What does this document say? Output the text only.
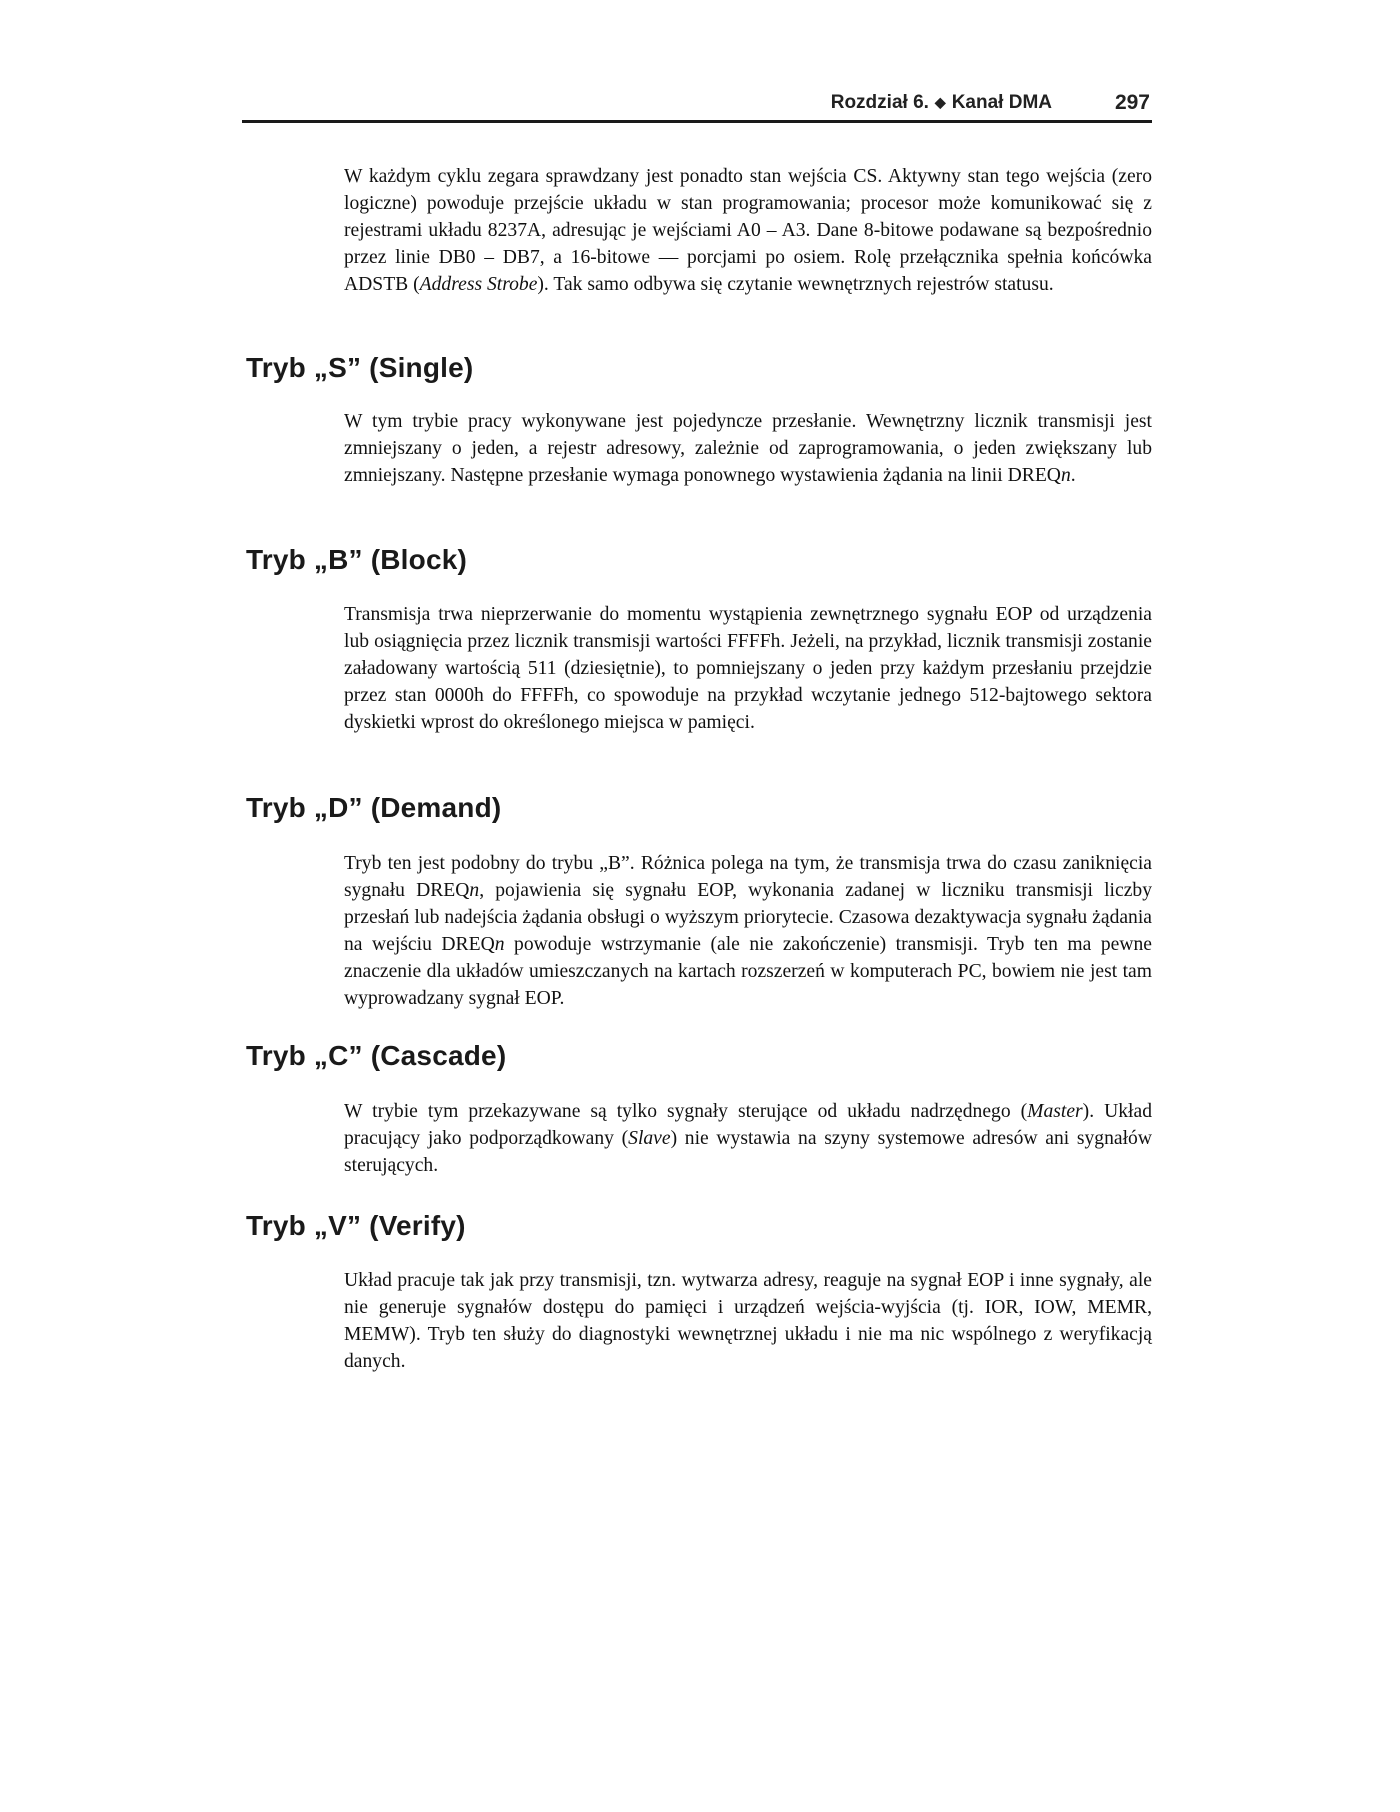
Rozdział 6. ◆ Kanał DMA	297

W każdym cyklu zegara sprawdzany jest ponadto stan wejścia CS. Aktywny stan tego wejścia (zero logiczne) powoduje przejście układu w stan programowania; procesor może komunikować się z rejestrami układu 8237A, adresując je wejściami A0 – A3. Dane 8-bitowe podawane są bezpośrednio przez linie DB0 – DB7, a 16-bitowe — porcjami po osiem. Rolę przełącznika spełnia końcówka ADSTB (Address Strobe). Tak samo odbywa się czytanie wewnętrznych rejestrów statusu.

Tryb „S” (Single)

W tym trybie pracy wykonywane jest pojedyncze przesłanie. Wewnętrzny licznik transmisji jest zmniejszany o jeden, a rejestr adresowy, zależnie od zaprogramowania, o jeden zwiększany lub zmniejszany. Następne przesłanie wymaga ponownego wystawienia żądania na linii DREQn.

Tryb „B” (Block)

Transmisja trwa nieprzerwanie do momentu wystąpienia zewnętrznego sygnału EOP od urządzenia lub osiągnięcia przez licznik transmisji wartości FFFFh. Jeżeli, na przykład, licznik transmisji zostanie załadowany wartością 511 (dziesiętnie), to pomniejszany o jeden przy każdym przesłaniu przejdzie przez stan 0000h do FFFFh, co spowoduje na przykład wczytanie jednego 512-bajtowego sektora dyskietki wprost do określonego miejsca w pamięci.

Tryb „D” (Demand)

Tryb ten jest podobny do trybu „B”. Różnica polega na tym, że transmisja trwa do czasu zaniknięcia sygnału DREQn, pojawienia się sygnału EOP, wykonania zadanej w liczniku transmisji liczby przesłań lub nadejścia żądania obsługi o wyższym priorytecie. Czasowa dezaktywacja sygnału żądania na wejściu DREQn powoduje wstrzymanie (ale nie zakończenie) transmisji. Tryb ten ma pewne znaczenie dla układów umieszczanych na kartach rozszerzeń w komputerach PC, bowiem nie jest tam wyprowadzany sygnał EOP.

Tryb „C” (Cascade)

W trybie tym przekazywane są tylko sygnały sterujące od układu nadrzędnego (Master). Układ pracujący jako podporządkowany (Slave) nie wystawia na szyny systemowe adresów ani sygnałów sterujących.

Tryb „V” (Verify)

Układ pracuje tak jak przy transmisji, tzn. wytwarza adresy, reaguje na sygnał EOP i inne sygnały, ale nie generuje sygnałów dostępu do pamięci i urządzeń wejścia-wyjścia (tj. IOR, IOW, MEMR, MEMW). Tryb ten służy do diagnostyki wewnętrznej układu i nie ma nic wspólnego z weryfikacją danych.
